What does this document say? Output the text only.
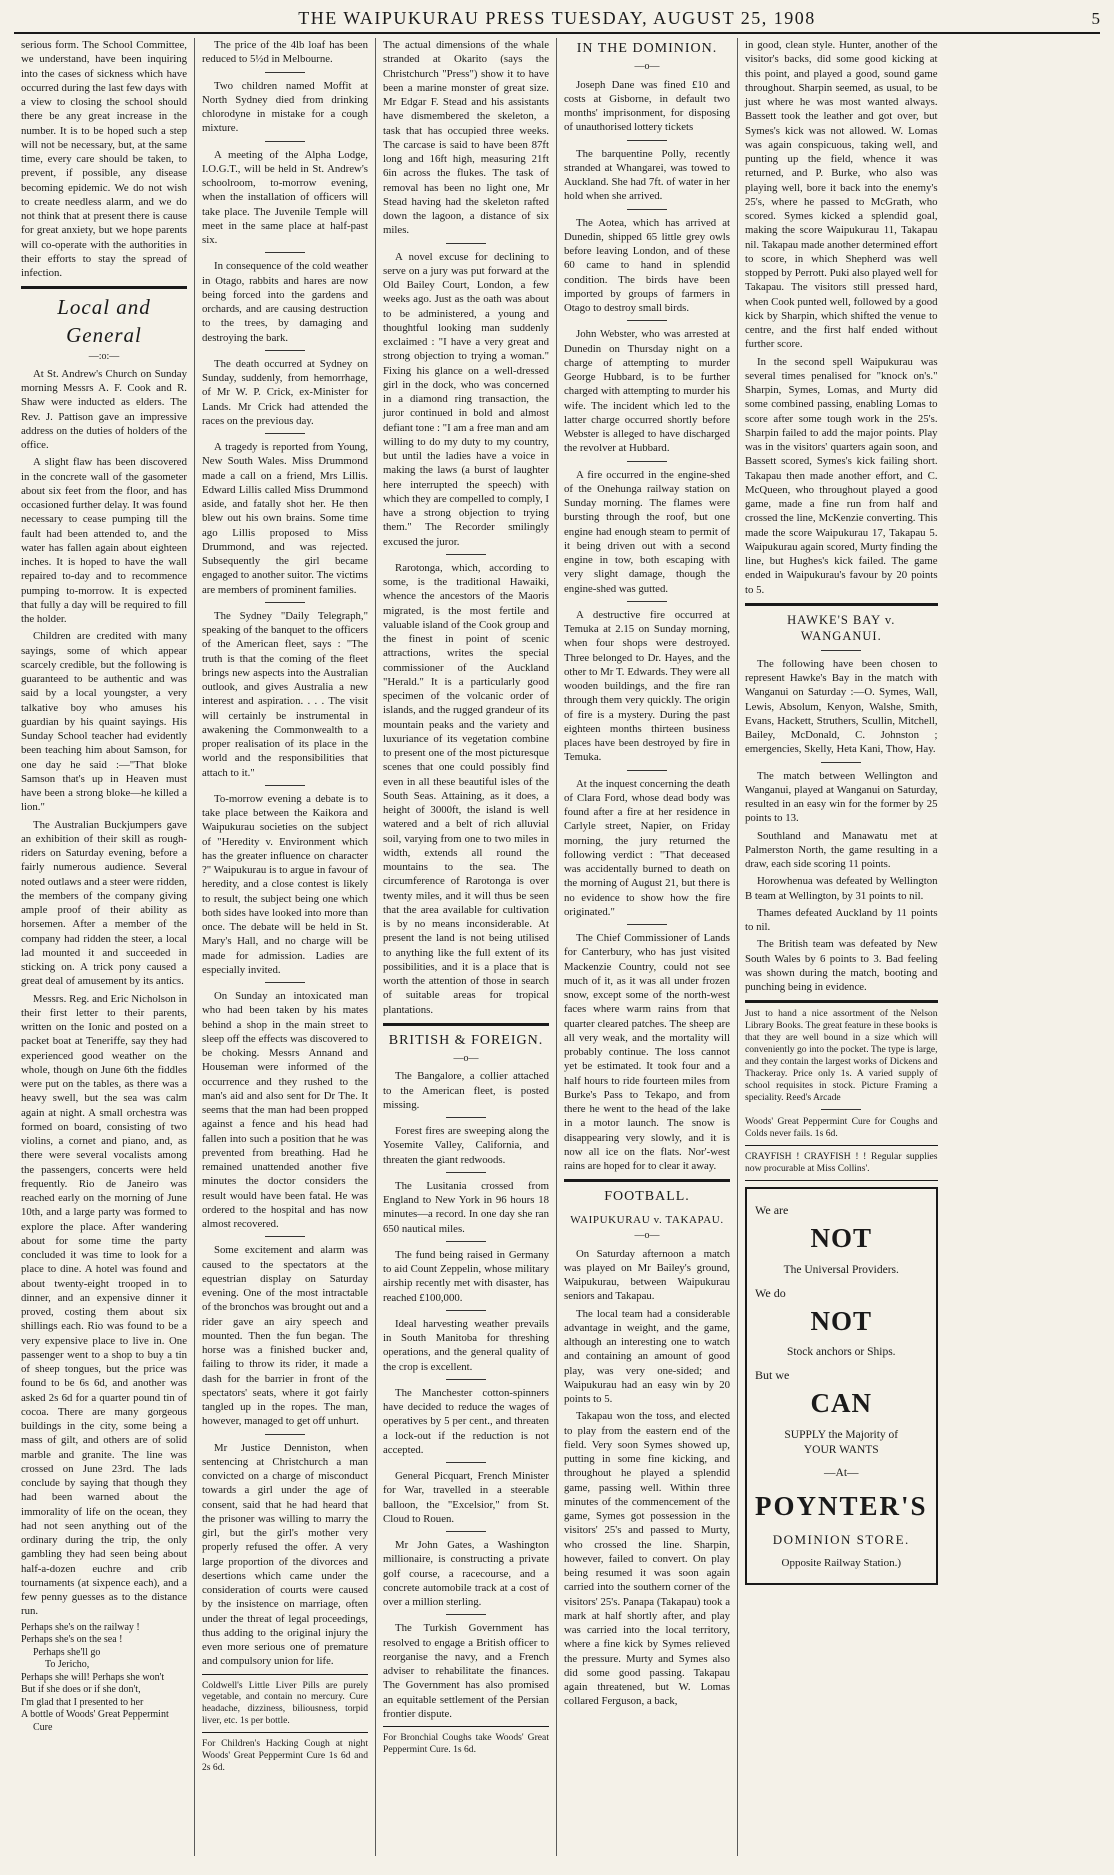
THE WAIPUKURAU PRESS TUESDAY, AUGUST 25, 1908	5

serious form. The School Committee, we understand, have been inquiring into the cases of sickness which have occurred during the last few days with a view to closing the school should there be any great increase in the number. It is to be hoped such a step will not be necessary, but, at the same time, every care should be taken, to prevent, if possible, any disease becoming epidemic. We do not wish to create needless alarm, and we do not think that at present there is cause for great anxiety, but we hope parents will co-operate with the authorities in their efforts to stay the spread of infection.

Local and General
—:o:—

At St. Andrew's Church on Sunday morning Messrs A. F. Cook and R. Shaw were inducted as elders. The Rev. J. Pattison gave an impressive address on the duties of holders of the office.

A slight flaw has been discovered in the concrete wall of the gasometer about six feet from the floor, and has occasioned further delay. It was found necessary to cease pumping till the fault had been attended to, and the water has fallen again about eighteen inches. It is hoped to have the wall repaired to-day and to recommence pumping to-morrow. It is expected that fully a day will be required to fill the holder.

Children are credited with many sayings, some of which appear scarcely credible, but the following is guaranteed to be authentic and was said by a local youngster, a very talkative boy who amuses his guardian by his quaint sayings. His Sunday School teacher had evidently been teaching him about Samson, for one day he said :—"That bloke Samson that's up in Heaven must have been a strong bloke—he killed a lion."

The Australian Buckjumpers gave an exhibition of their skill as rough-riders on Saturday evening, before a fairly numerous audience. Several noted outlaws and a steer were ridden, the members of the company giving ample proof of their ability as horsemen. After a member of the company had ridden the steer, a local lad mounted it and succeeded in sticking on. A trick pony caused a great deal of amusement by its antics.

Messrs. Reg. and Eric Nicholson in their first letter to their parents, written on the Ionic and posted on a packet boat at Teneriffe, say they had experienced good weather on the whole, though on June 6th the fiddles were put on the tables, as there was a heavy swell, but the sea was calm again at night. A small orchestra was formed on board, consisting of two violins, a cornet and piano, and, as there were several vocalists among the passengers, concerts were held frequently. Rio de Janeiro was reached early on the morning of June 10th, and a large party was formed to explore the place. After wandering about for some time the party concluded it was time to look for a place to dine. A hotel was found and about twenty-eight trooped in to dinner, and an expensive dinner it proved, costing them about six shillings each. Rio was found to be a very expensive place to live in. One passenger went to a shop to buy a tin of sheep tongues, but the price was found to be 6s 6d, and another was asked 2s 6d for a quarter pound tin of cocoa. There are many gorgeous buildings in the city, some being a mass of gilt, and others are of solid marble and granite. The line was crossed on June 23rd. The lads conclude by saying that though they had been warned about the immorality of life on the ocean, they had not seen anything out of the ordinary during the trip, the only gambling they had seen being about half-a-dozen euchre and crib tournaments (at sixpence each), and a few penny guesses as to the distance run.

Perhaps she's on the railway !
Perhaps she's on the sea !
Perhaps she'll go
To Jericho,
Perhaps she will! Perhaps she won't
But if she does or if she don't,
I'm glad that I presented to her
A bottle of Woods' Great Peppermint
Cure

The price of the 4lb loaf has been reduced to 5½d in Melbourne.

Two children named Moffit at North Sydney died from drinking chlorodyne in mistake for a cough mixture.

A meeting of the Alpha Lodge, I.O.G.T., will be held in St. Andrew's schoolroom, to-morrow evening, when the installation of officers will take place. The Juvenile Temple will meet in the same place at half-past six.

In consequence of the cold weather in Otago, rabbits and hares are now being forced into the gardens and orchards, and are causing destruction to the trees, by damaging and destroying the bark.

The death occurred at Sydney on Sunday, suddenly, from hemorrhage, of Mr W. P. Crick, ex-Minister for Lands. Mr Crick had attended the races on the previous day.

A tragedy is reported from Young, New South Wales. Miss Drummond made a call on a friend, Mrs Lillis. Edward Lillis called Miss Drummond aside, and fatally shot her. He then blew out his own brains. Some time ago Lillis proposed to Miss Drummond, and was rejected. Subsequently the girl became engaged to another suitor. The victims are members of prominent families.

The Sydney "Daily Telegraph," speaking of the banquet to the officers of the American fleet, says : "The truth is that the coming of the fleet brings new aspects into the Australian outlook, and gives Australia a new interest and aspiration. . . . The visit will certainly be instrumental in awakening the Commonwealth to a proper realisation of its place in the world and the responsibilities that attach to it."

To-morrow evening a debate is to take place between the Kaikora and Waipukurau societies on the subject of "Heredity v. Environment which has the greater influence on character ?" Waipukurau is to argue in favour of heredity, and a close contest is likely to result, the subject being one which both sides have looked into more than once. The debate will be held in St. Mary's Hall, and no charge will be made for admission. Ladies are especially invited.

On Sunday an intoxicated man who had been taken by his mates behind a shop in the main street to sleep off the effects was discovered to be choking. Messrs Annand and Houseman were informed of the occurrence and they rushed to the man's aid and also sent for Dr The. It seems that the man had been propped against a fence and his head had fallen into such a position that he was prevented from breathing. Had he remained unattended another five minutes the doctor considers the result would have been fatal. He was ordered to the hospital and has now almost recovered.

Some excitement and alarm was caused to the spectators at the equestrian display on Saturday evening. One of the most intractable of the bronchos was brought out and a rider gave an airy speech and mounted. Then the fun began. The horse was a finished bucker and, failing to throw its rider, it made a dash for the barrier in front of the spectators' seats, where it got fairly tangled up in the ropes. The man, however, managed to get off unhurt.

Mr Justice Denniston, when sentencing at Christchurch a man convicted on a charge of misconduct towards a girl under the age of consent, said that he had heard that the prisoner was willing to marry the girl, but the girl's mother very properly refused the offer. A very large proportion of the divorces and desertions which came under the consideration of courts were caused by the insistence on marriage, often under the threat of legal proceedings, thus adding to the original injury the even more serious one of premature and compulsory union for life.

Coldwell's Little Liver Pills are purely vegetable, and contain no mercury. Cure headache, dizziness, biliousness, torpid liver, etc. 1s per bottle.

For Children's Hacking Cough at night Woods' Great Peppermint Cure 1s 6d and 2s 6d.

The actual dimensions of the whale stranded at Okarito (says the Christchurch "Press") show it to have been a marine monster of great size. Mr Edgar F. Stead and his assistants have dismembered the skeleton, a task that has occupied three weeks. The carcase is said to have been 87ft long and 16ft high, measuring 21ft 6in across the flukes. The task of removal has been no light one, Mr Stead having had the skeleton rafted down the lagoon, a distance of six miles.

A novel excuse for declining to serve on a jury was put forward at the Old Bailey Court, London, a few weeks ago. Just as the oath was about to be administered, a young and thoughtful looking man suddenly exclaimed : "I have a very great and strong objection to trying a woman." Fixing his glance on a well-dressed girl in the dock, who was concerned in a diamond ring transaction, the juror continued in bold and almost defiant tone : "I am a free man and am willing to do my duty to my country, but until the ladies have a voice in making the laws (a burst of laughter here interrupted the speech) with which they are compelled to comply, I have a strong objection to trying them." The Recorder smilingly excused the juror.

Rarotonga, which, according to some, is the traditional Hawaiki, whence the ancestors of the Maoris migrated, is the most fertile and valuable island of the Cook group and the finest in point of scenic attractions, writes the special commissioner of the Auckland "Herald." It is a particularly good specimen of the volcanic order of islands, and the rugged grandeur of its mountain peaks and the variety and luxuriance of its vegetation combine to present one of the most picturesque scenes that one could possibly find even in all these beautiful isles of the South Seas. Attaining, as it does, a height of 3000ft, the island is well watered and a belt of rich alluvial soil, varying from one to two miles in width, extends all round the mountains to the sea. The circumference of Rarotonga is over twenty miles, and it will thus be seen that the area available for cultivation is by no means inconsiderable. At present the land is not being utilised to anything like the full extent of its possibilities, and it is a place that is worth the attention of those in search of suitable areas for tropical plantations.

BRITISH & FOREIGN.
—o—

The Bangalore, a collier attached to the American fleet, is posted missing.

Forest fires are sweeping along the Yosemite Valley, California, and threaten the giant redwoods.

The Lusitania crossed from England to New York in 96 hours 18 minutes—a record. In one day she ran 650 nautical miles.

The fund being raised in Germany to aid Count Zeppelin, whose military airship recently met with disaster, has reached £100,000.

Ideal harvesting weather prevails in South Manitoba for threshing operations, and the general quality of the crop is excellent.

The Manchester cotton-spinners have decided to reduce the wages of operatives by 5 per cent., and threaten a lock-out if the reduction is not accepted.

General Picquart, French Minister for War, travelled in a steerable balloon, the "Excelsior," from St. Cloud to Rouen.

Mr John Gates, a Washington millionaire, is constructing a private golf course, a racecourse, and a concrete automobile track at a cost of over a million sterling.

The Turkish Government has resolved to engage a British officer to reorganise the navy, and a French adviser to rehabilitate the finances. The Government has also promised an equitable settlement of the Persian frontier dispute.

For Bronchial Coughs take Woods' Great Peppermint Cure. 1s 6d.

IN THE DOMINION.
—o—

Joseph Dane was fined £10 and costs at Gisborne, in default two months' imprisonment, for disposing of unauthorised lottery tickets

The barquentine Polly, recently stranded at Whangarei, was towed to Auckland. She had 7ft. of water in her hold when she arrived.

The Aotea, which has arrived at Dunedin, shipped 65 little grey owls before leaving London, and of these 60 came to hand in splendid condition. The birds have been imported by groups of farmers in Otago to destroy small birds.

John Webster, who was arrested at Dunedin on Thursday night on a charge of attempting to murder George Hubbard, is to be further charged with attempting to murder his wife. The incident which led to the latter charge occurred shortly before Webster is alleged to have discharged the revolver at Hubbard.

A fire occurred in the engine-shed of the Onehunga railway station on Sunday morning. The flames were bursting through the roof, but one engine had enough steam to permit of it being driven out with a second engine in tow, both escaping with very slight damage, though the engine-shed was gutted.

A destructive fire occurred at Temuka at 2.15 on Sunday morning, when four shops were destroyed. Three belonged to Dr. Hayes, and the other to Mr T. Edwards. They were all wooden buildings, and the fire ran through them very quickly. The origin of fire is a mystery. During the past eighteen months thirteen business places have been destroyed by fire in Temuka.

At the inquest concerning the death of Clara Ford, whose dead body was found after a fire at her residence in Carlyle street, Napier, on Friday morning, the jury returned the following verdict : "That deceased was accidentally burned to death on the morning of August 21, but there is no evidence to show how the fire originated."

The Chief Commissioner of Lands for Canterbury, who has just visited Mackenzie Country, could not see much of it, as it was all under frozen snow, except some of the north-west faces where warm rains from that quarter cleared patches. The sheep are all very weak, and the mortality will probably continue. The loss cannot yet be estimated. It took four and a half hours to ride fourteen miles from Burke's Pass to Tekapo, and from there he went to the head of the lake in a motor launch. The snow is disappearing very slowly, and it is now all ice on the flats. Nor'-west rains are hoped for to clear it away.

FOOTBALL.
WAIPUKURAU v. TAKAPAU.
—o—

On Saturday afternoon a match was played on Mr Bailey's ground, Waipukurau, between Waipukurau seniors and Takapau.

The local team had a considerable advantage in weight, and the game, although an interesting one to watch and containing an amount of good play, was very one-sided; and Waipukurau had an easy win by 20 points to 5.

Takapau won the toss, and elected to play from the eastern end of the field. Very soon Symes showed up, putting in some fine kicking, and throughout he played a splendid game, passing well. Within three minutes of the commencement of the game, Symes got possession in the visitors' 25's and passed to Murty, who crossed the line. Sharpin, however, failed to convert. On play being resumed it was soon again carried into the southern corner of the visitors' 25's. Panapa (Takapau) took a mark at half shortly after, and play was carried into the local territory, where a fine kick by Symes relieved the pressure. Murty and Symes also did some good passing. Takapau again threatened, but W. Lomas collared Ferguson, a back,

in good, clean style. Hunter, another of the visitor's backs, did some good kicking at this point, and played a good, sound game throughout. Sharpin seemed, as usual, to be just where he was most wanted always. Bassett took the leather and got over, but Symes's kick was not allowed. W. Lomas was again conspicuous, taking well, and punting up the field, whence it was returned, and P. Burke, who also was playing well, bore it back into the enemy's 25's, where he passed to McGrath, who scored. Symes kicked a splendid goal, making the score Waipukurau 11, Takapau nil. Takapau made another determined effort to score, in which Shepherd was well stopped by Perrott. Puki also played well for Takapau. The visitors still pressed hard, when Cook punted well, followed by a good kick by Sharpin, which shifted the venue to centre, and the first half ended without further score.

In the second spell Waipukurau was several times penalised for "knock on's." Sharpin, Symes, Lomas, and Murty did some combined passing, enabling Lomas to score after some tough work in the 25's. Sharpin failed to add the major points. Play was in the visitors' quarters again soon, and Bassett scored, Symes's kick failing short. Takapau then made another effort, and C. McQueen, who throughout played a good game, made a fine run from half and crossed the line, McKenzie converting. This made the score Waipukurau 17, Takapau 5. Waipukurau again scored, Murty finding the line, but Hughes's kick failed. The game ended in Waipukurau's favour by 20 points to 5.

HAWKE'S BAY v. WANGANUI.

The following have been chosen to represent Hawke's Bay in the match with Wanganui on Saturday :—O. Symes, Wall, Lewis, Absolum, Kenyon, Walshe, Smith, Evans, Hackett, Struthers, Scullin, Mitchell, Bailey, McDonald, C. Johnston ; emergencies, Skelly, Heta Kani, Thow, Hay.

The match between Wellington and Wanganui, played at Wanganui on Saturday, resulted in an easy win for the former by 25 points to 13.

Southland and Manawatu met at Palmerston North, the game resulting in a draw, each side scoring 11 points.

Horowhenua was defeated by Wellington B team at Wellington, by 31 points to nil.

Thames defeated Auckland by 11 points to nil.

The British team was defeated by New South Wales by 6 points to 3. Bad feeling was shown during the match, booting and punching being in evidence.

Just to hand a nice assortment of the Nelson Library Books. The great feature in these books is that they are well bound in a size which will conveniently go into the pocket. The type is large, and they contain the largest works of Dickens and Thackeray. Price only 1s. A varied supply of school requisites in stock. Picture Framing a speciality. Reed's Arcade

Woods' Great Peppermint Cure for Coughs and Colds never fails. 1s 6d.

CRAYFISH ! CRAYFISH ! ! Regular supplies now procurable at Miss Collins'.

We are
NOT
The Universal Providers.
We do
NOT
Stock anchors or Ships.
But we
CAN
SUPPLY the Majority of
YOUR WANTS
—At—
POYNTER'S
DOMINION STORE.
Opposite Railway Station.)
